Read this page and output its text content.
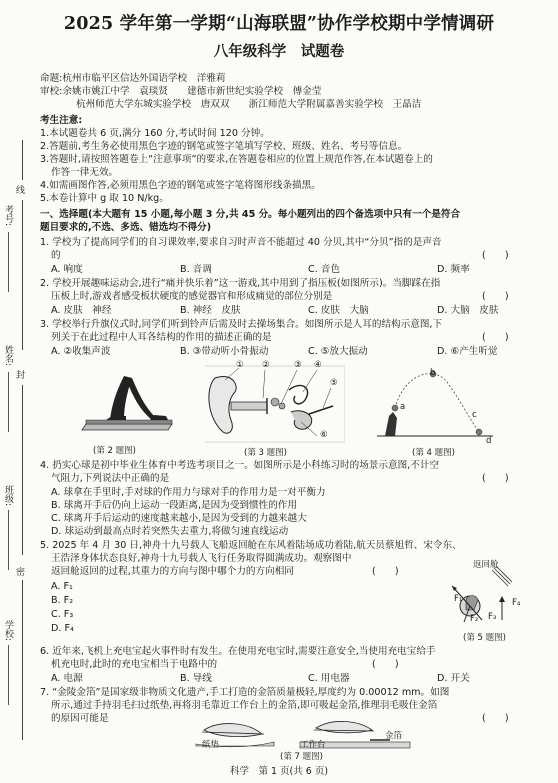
考号:
姓名:
班级:
学校:
线
封
密
2025 学年第一学期“山海联盟”协作学校期中学情调研
八年级科学　试题卷
命题:杭州市临平区信达外国语学校　洋雅莉
审校:余姚市姚江中学　袁琰贤　　建德市新世纪实验学校　傅金莹
杭州师范大学东城实验学校　唐双双　　浙江师范大学附属嘉善实验学校　王晶洁
考生注意:
1.本试题卷共 6 页,满分 160 分,考试时间 120 分钟。
2.答题前,考生务必使用黑色字迹的钢笔或签字笔填写学校、班级、姓名、考号等信息。
3.答题时,请按照答题卷上“注意事项”的要求,在答题卷相应的位置上规范作答,在本试题卷上的
作答一律无效。
4.如需画图作答,必须用黑色字迹的钢笔或签字笔将图形线条描黑。
5.本卷计算中 g 取 10 N/kg。
一、选择题(本大题有 15 小题,每小题 3 分,共 45 分。每小题列出的四个备选项中只有一个是符合
题目要求的,不选、多选、错选均不得分)
1. 学校为了提高同学们的自习课效率,要求自习时声音不能超过 40 分贝,其中“分贝”指的是声音
的	(　　)
A. 响度	B. 音调	C. 音色	D. 频率
2. 学校开展趣味运动会,进行“痛并快乐着”这一游戏,其中用到了指压板(如图所示)。当脚踩在指
压板上时,游戏者感受板状硬度的感觉器官和形成痛觉的部位分别是	(　　)
A. 皮肤　神经	B. 神经　皮肤	C. 皮肤　大脑	D. 大脑　皮肤
3. 学校举行升旗仪式时,同学们听到铃声后需及时去操场集合。如图所示是人耳的结构示意图,下
列关于在此过程中人耳各结构的作用的描述正确的是	(　　)
A. ②收集声波	B. ③带动听小骨振动	C. ⑤放大振动	D. ⑥产生听觉
(第 2 题图)
① ②	③ ④
⑤
⑥
(第 3 题图)
a
b
c
d
(第 4 题图)
4. 扔实心球是初中毕业生体育中考选考项目之一。如图所示是小科练习时的场景示意图,不计空
气阻力,下列说法中正确的是	(　　)
A. 球拿在手里时,手对球的作用力与球对手的作用力是一对平衡力
B. 球离开手后仍向上运动一段距离,是因为受到惯性的作用
C. 球离开手后运动的速度越来越小,是因为受到的力越来越大
D. 球运动到最高点时若突然失去重力,将做匀速直线运动
5. 2025 年 4 月 30 日,神舟十九号载人飞船返回舱在东风着陆场成功着陆,航天员蔡旭哲、宋令东、
王浩泽身体状态良好,神舟十九号载人飞行任务取得圆满成功。观察图中
返回舱返回的过程,其重力的方向与图中哪个力的方向相同	(　　)
A. F₁
B. F₂
C. F₃
D. F₄
返回舱
F₁
F₂ F₃
F₄
(第 5 题图)
6. 近年来,飞机上充电宝起火事件时有发生。在使用充电宝时,需要注意安全,当使用充电宝给手
机充电时,此时的充电宝相当于电路中的	(　　)
A. 电源	B. 导线	C. 用电器	D. 开关
7. “金陵金箔”是国家级非物质文化遗产,手工打造的金箔质量极轻,厚度约为 0.00012 mm。如图
所示,通过手持羽毛扫过纸垫,再将羽毛靠近工作台上的金箔,即可吸起金箔,推理羽毛吸住金箔
的原因可能是	(　　)
纸垫	工作台
金箔
(第 7 题图)
科学　第 1 页(共 6 页)
